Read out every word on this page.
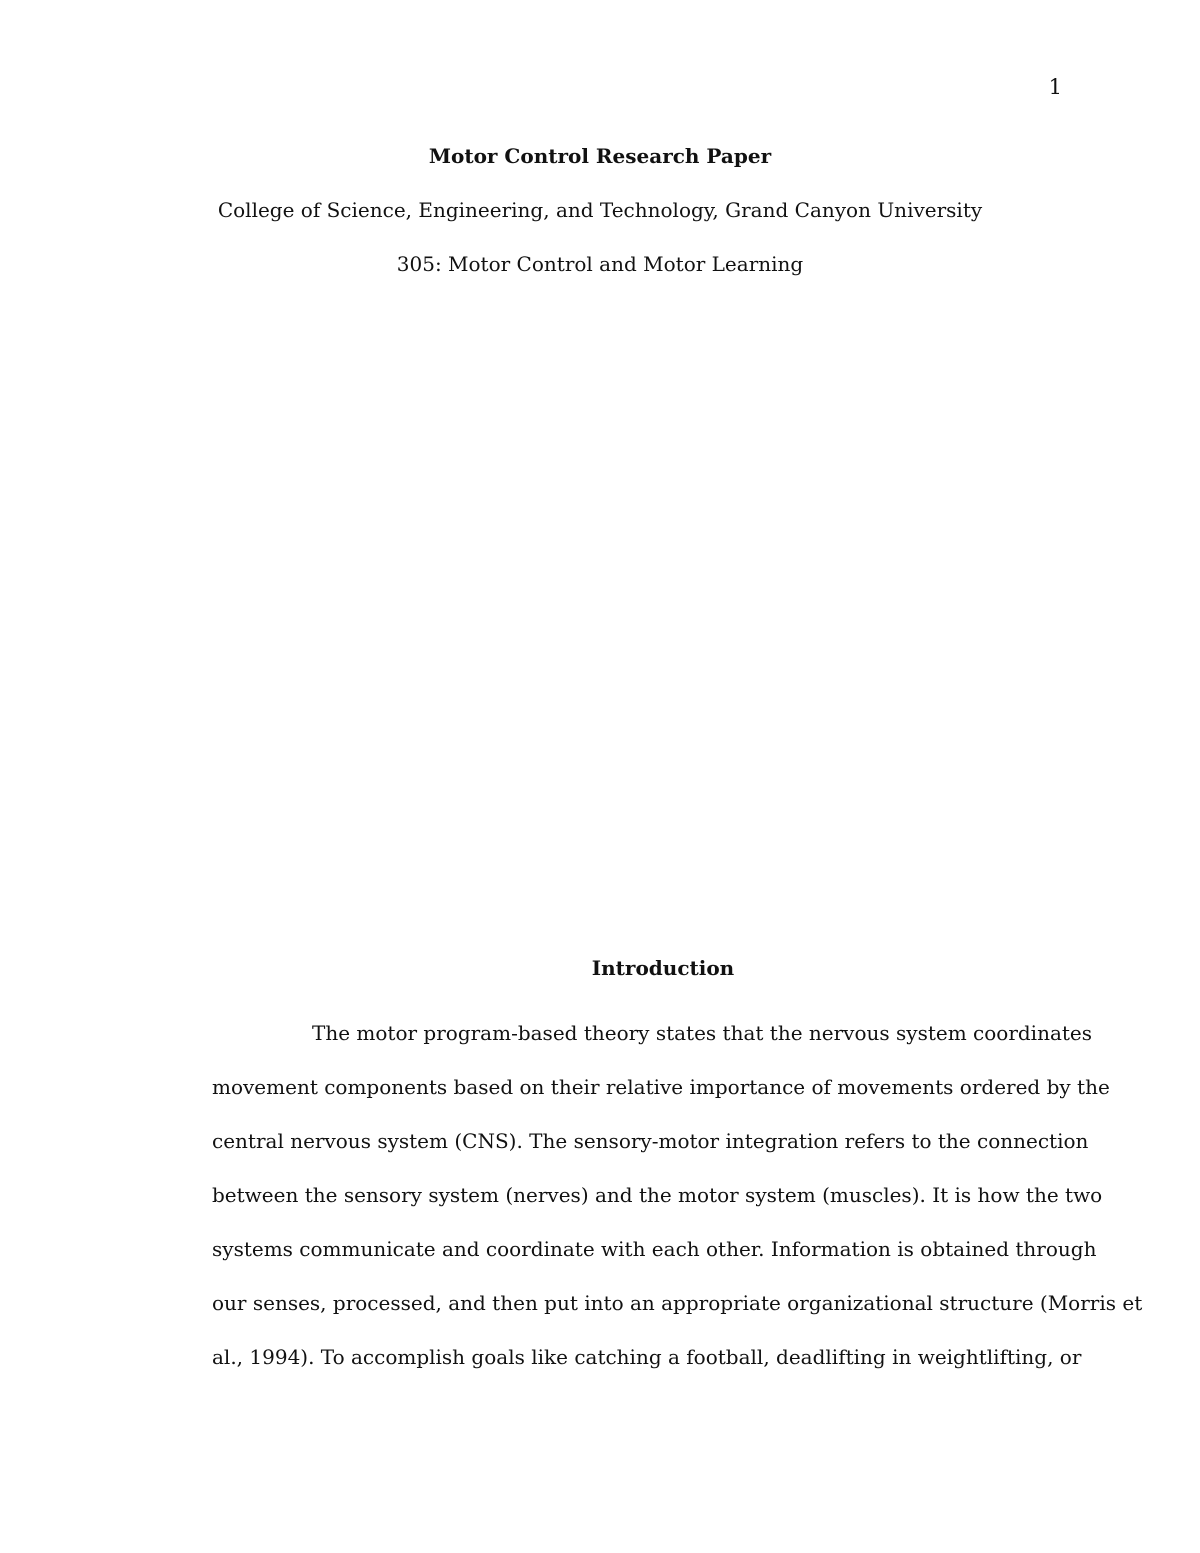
1

Motor Control Research Paper

College of Science, Engineering, and Technology, Grand Canyon University

305: Motor Control and Motor Learning

Introduction

The motor program-based theory states that the nervous system coordinates

movement components based on their relative importance of movements ordered by the

central nervous system (CNS). The sensory-motor integration refers to the connection

between the sensory system (nerves) and the motor system (muscles). It is how the two

systems communicate and coordinate with each other. Information is obtained through

our senses, processed, and then put into an appropriate organizational structure (Morris et

al., 1994). To accomplish goals like catching a football, deadlifting in weightlifting, or
